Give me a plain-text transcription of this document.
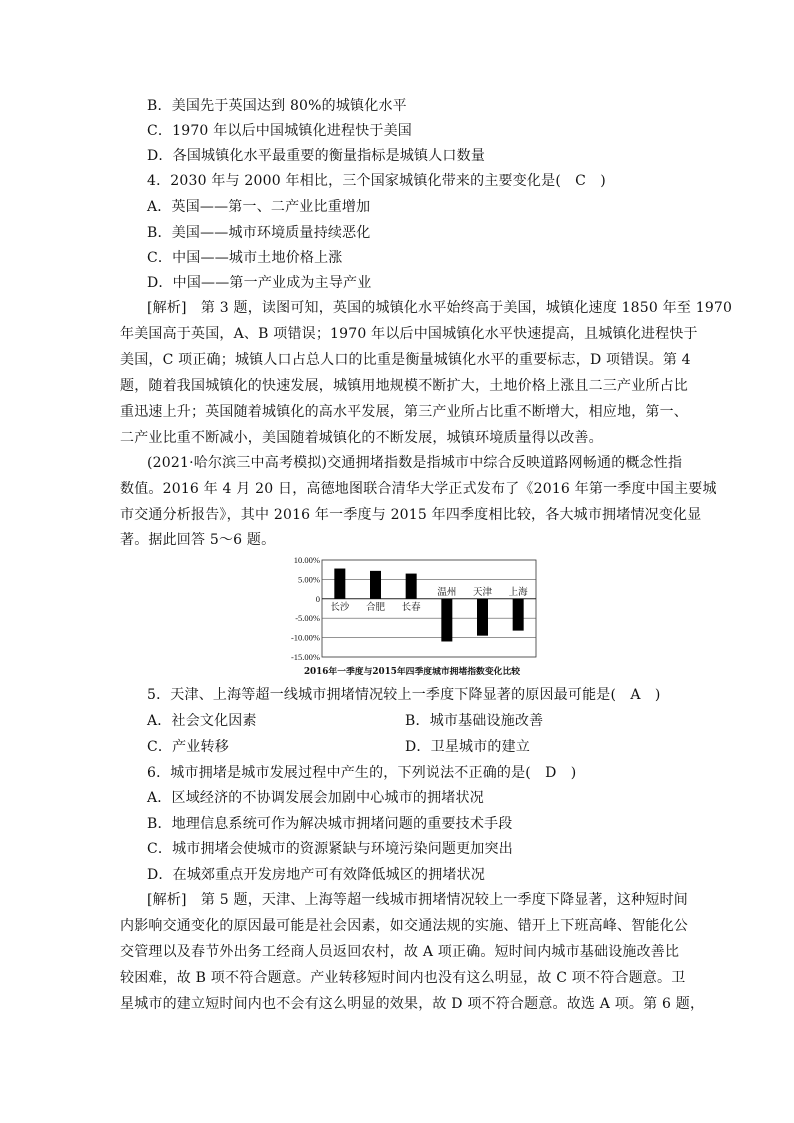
B．美国先于英国达到 80%的城镇化水平
C．1970 年以后中国城镇化进程快于美国
D．各国城镇化水平最重要的衡量指标是城镇人口数量
4．2030 年与 2000 年相比，三个国家城镇化带来的主要变化是(　C　)
A．英国——第一、二产业比重增加
B．美国——城市环境质量持续恶化
C．中国——城市土地价格上涨
D．中国——第一产业成为主导产业
[解析]　第 3 题，读图可知，英国的城镇化水平始终高于美国，城镇化速度 1850 年至 1970
年美国高于英国，A、B 项错误；1970 年以后中国城镇化水平快速提高，且城镇化进程快于
美国，C 项正确；城镇人口占总人口的比重是衡量城镇化水平的重要标志，D 项错误。第 4
题，随着我国城镇化的快速发展，城镇用地规模不断扩大，土地价格上涨且二三产业所占比
重迅速上升；英国随着城镇化的高水平发展，第三产业所占比重不断增大，相应地，第一、
二产业比重不断减小，美国随着城镇化的不断发展，城镇环境质量得以改善。
(2021·哈尔滨三中高考模拟)交通拥堵指数是指城市中综合反映道路网畅通的概念性指
数值。2016 年 4 月 20 日，高德地图联合清华大学正式发布了《2016 年第一季度中国主要城
市交通分析报告》，其中 2016 年一季度与 2015 年四季度相比较，各大城市拥堵情况变化显
著。据此回答 5～6 题。
10.00%
5.00%
0
-5.00%
-10.00%
-15.00%
长沙 合肥 长春
温州 天津 上海
2016年一季度与2015年四季度城市拥堵指数变化比较
5．天津、上海等超一线城市拥堵情况较上一季度下降显著的原因最可能是(　A　)
A．社会文化因素	B．城市基础设施改善
C．产业转移	D．卫星城市的建立
6．城市拥堵是城市发展过程中产生的，下列说法不正确的是(　D　)
A．区域经济的不协调发展会加剧中心城市的拥堵状况
B．地理信息系统可作为解决城市拥堵问题的重要技术手段
C．城市拥堵会使城市的资源紧缺与环境污染问题更加突出
D．在城郊重点开发房地产可有效降低城区的拥堵状况
[解析]　第 5 题，天津、上海等超一线城市拥堵情况较上一季度下降显著，这种短时间
内影响交通变化的原因最可能是社会因素，如交通法规的实施、错开上下班高峰、智能化公
交管理以及春节外出务工经商人员返回农村，故 A 项正确。短时间内城市基础设施改善比
较困难，故 B 项不符合题意。产业转移短时间内也没有这么明显，故 C 项不符合题意。卫
星城市的建立短时间内也不会有这么明显的效果，故 D 项不符合题意。故选 A 项。第 6 题，
